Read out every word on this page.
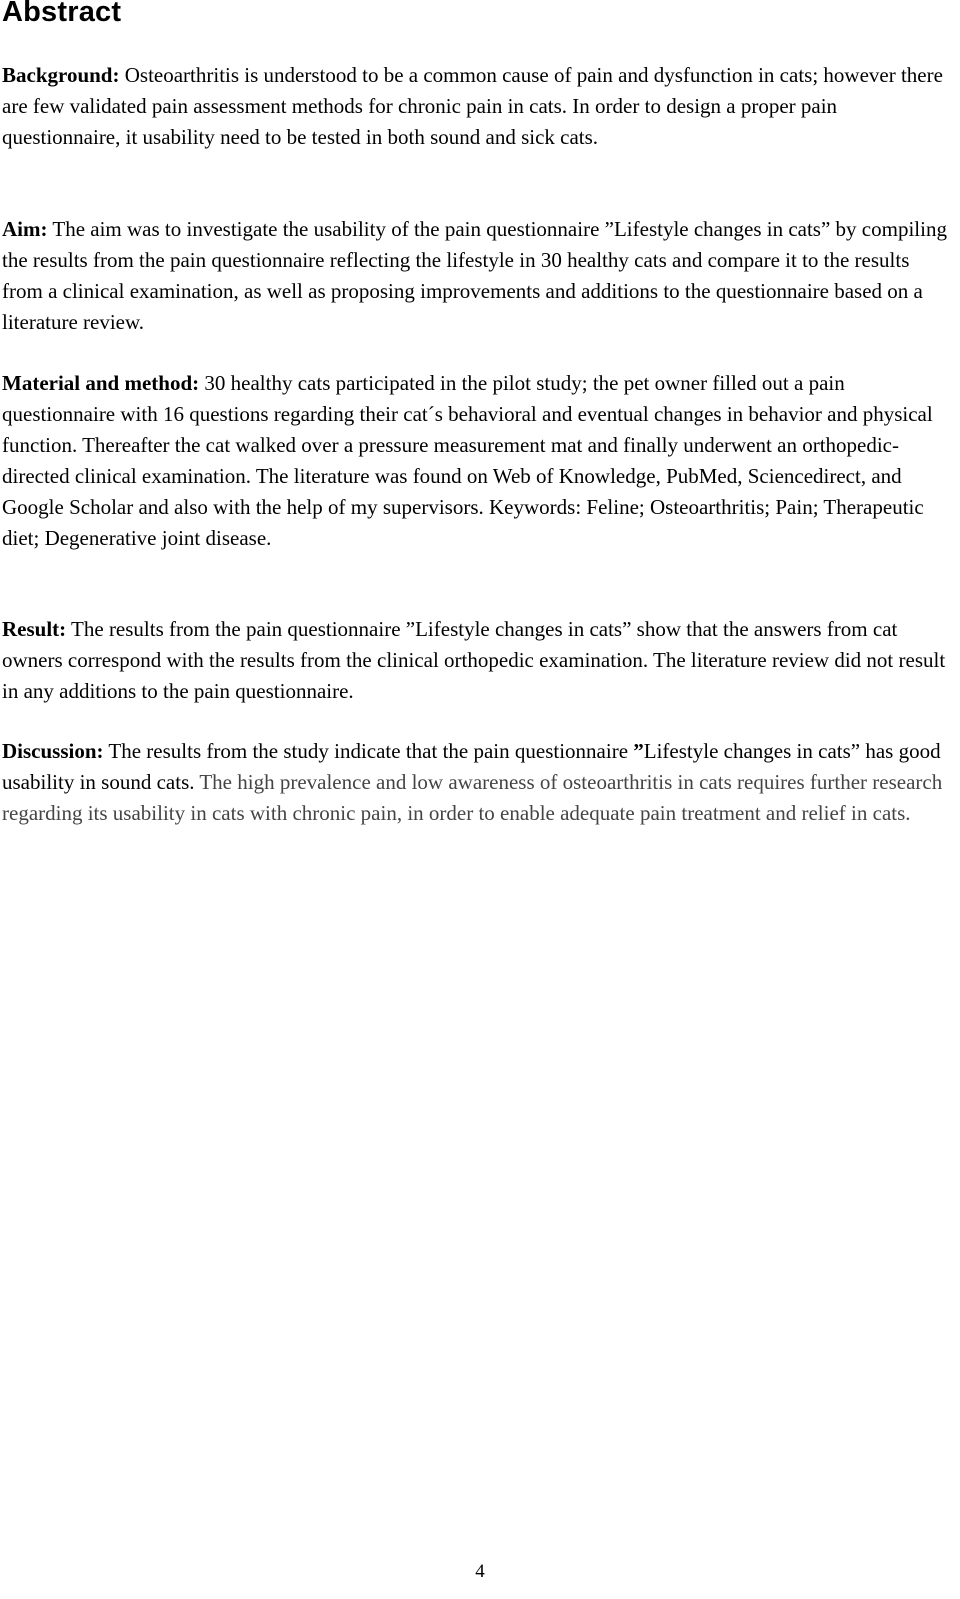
Abstract

Background: Osteoarthritis is understood to be a common cause of pain and dysfunction in cats; however there are few validated pain assessment methods for chronic pain in cats. In order to design a proper pain questionnaire, it usability need to be tested in both sound and sick cats.

Aim: The aim was to investigate the usability of the pain questionnaire ”Lifestyle changes in cats” by compiling the results from the pain questionnaire reflecting the lifestyle in 30 healthy cats and compare it to the results from a clinical examination, as well as proposing improvements and additions to the questionnaire based on a literature review.

Material and method: 30 healthy cats participated in the pilot study; the pet owner filled out a pain questionnaire with 16 questions regarding their cat´s behavioral and eventual changes in behavior and physical function. Thereafter the cat walked over a pressure measurement mat and finally underwent an orthopedic-directed clinical examination. The literature was found on Web of Knowledge, PubMed, Sciencedirect, and Google Scholar and also with the help of my supervisors. Keywords: Feline; Osteoarthritis; Pain; Therapeutic diet; Degenerative joint disease.

Result: The results from the pain questionnaire ”Lifestyle changes in cats” show that the answers from cat owners correspond with the results from the clinical orthopedic examination. The literature review did not result in any additions to the pain questionnaire.

Discussion: The results from the study indicate that the pain questionnaire ”Lifestyle changes in cats” has good usability in sound cats. The high prevalence and low awareness of osteoarthritis in cats requires further research regarding its usability in cats with chronic pain, in order to enable adequate pain treatment and relief in cats.

4
